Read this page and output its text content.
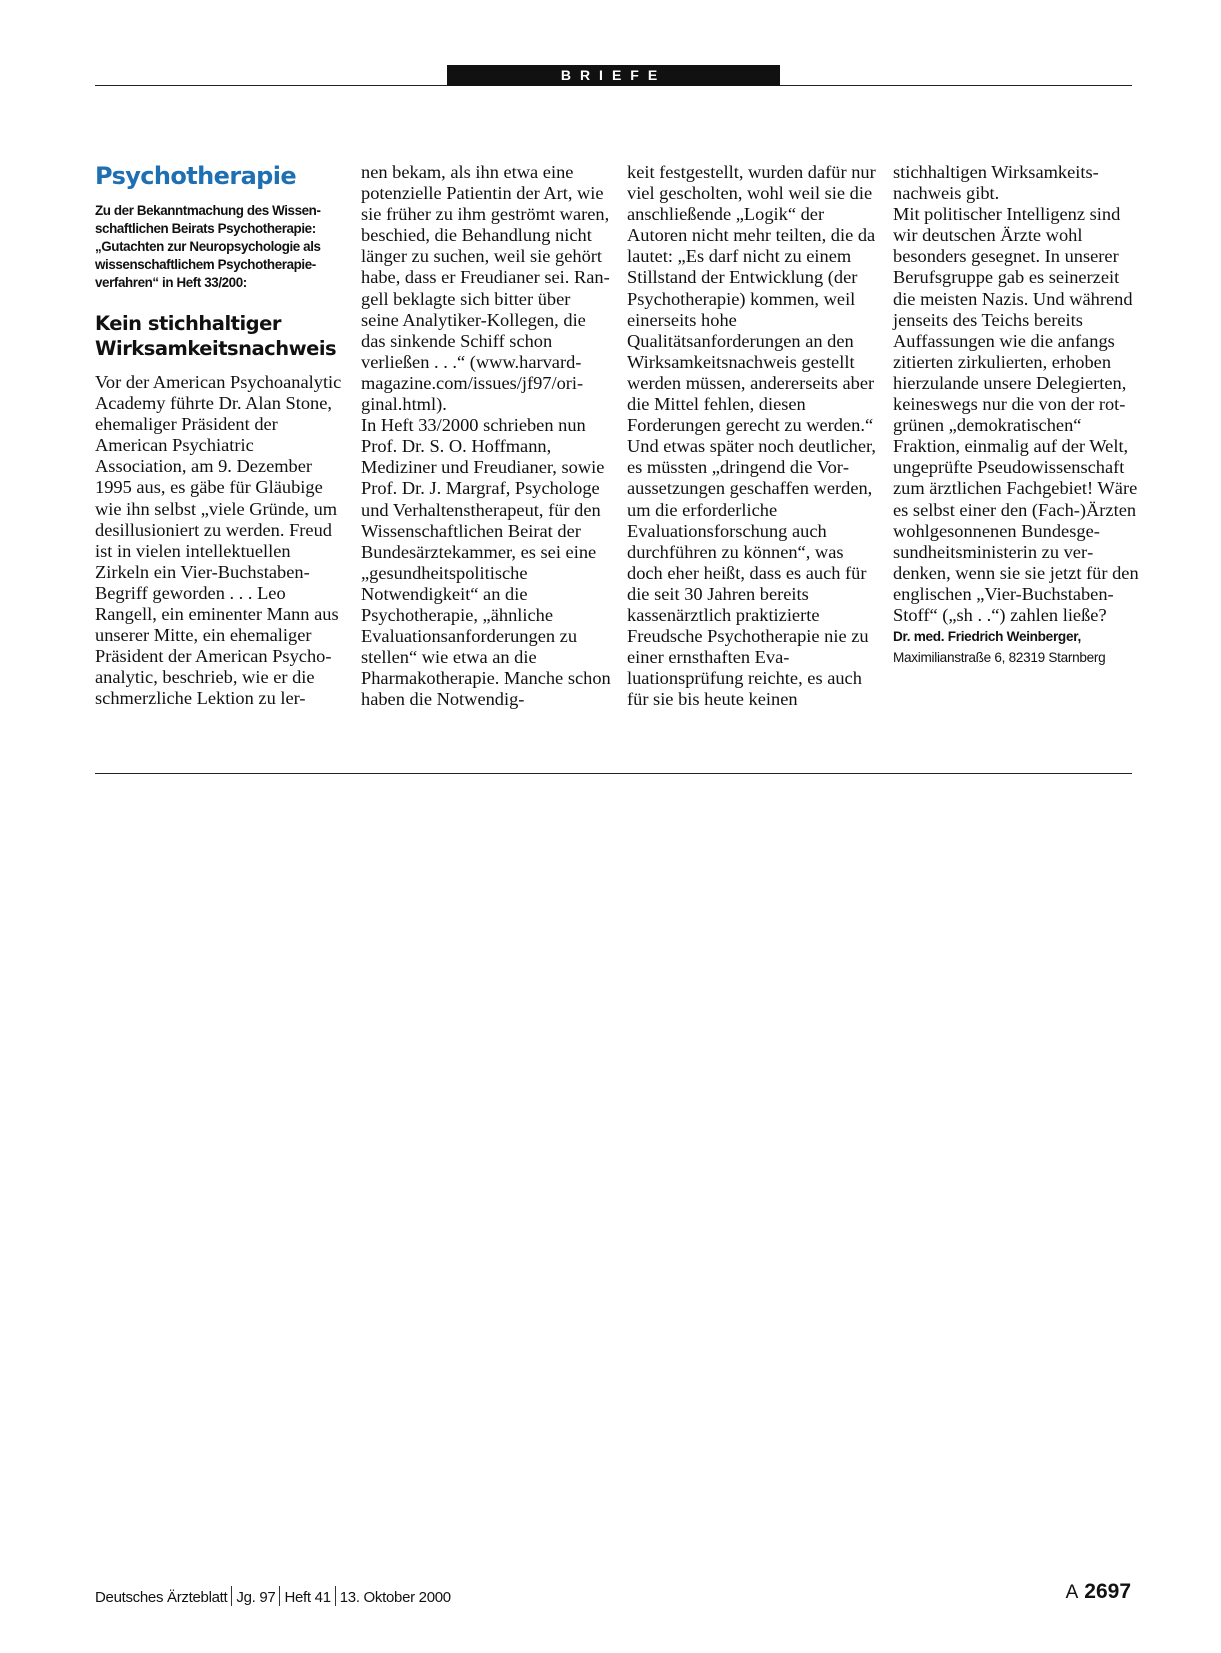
BRIEFE
Psychotherapie
Zu der Bekanntmachung des Wissenschaftlichen Beirats Psychotherapie: „Gutachten zur Neuropsychologie als wissenschaftlichem Psychotherapieverfahren“ in Heft 33/200:
Kein stichhaltiger Wirksamkeitsnachweis

Vor der American Psychoanalytic Academy führte Dr. Alan Stone, ehemaliger Präsident der American Psychiatric Association, am 9. Dezember 1995 aus, es gäbe für Gläubige wie ihn selbst „viele Gründe, um desillusioniert zu werden. Freud ist in vielen intellektuellen Zirkeln ein Vier-Buchstaben-Begriff geworden . . . Leo Rangell, ein eminenter Mann aus unserer Mitte, ein ehemaliger Präsident der American Psychoanalytic, beschrieb, wie er die schmerzliche Lektion zu ler-

nen bekam, als ihn etwa eine potenzielle Patientin der Art, wie sie früher zu ihm geströmt waren, beschied, die Behandlung nicht länger zu suchen, weil sie gehört habe, dass er Freudianer sei. Rangell beklagte sich bitter über seine Analytiker-Kollegen, die das sinkende Schiff schon verließen . . .“ (www.harvard-magazine.com/issues/jf97/original.html).

In Heft 33/2000 schrieben nun Prof. Dr. S. O. Hoffmann, Mediziner und Freudianer, sowie Prof. Dr. J. Margraf, Psychologe und Verhaltenstherapeut, für den Wissenschaftlichen Beirat der Bundesärztekammer, es sei eine „gesundheitspolitische Notwendigkeit“ an die Psychotherapie, „ähnliche Evaluationsanforderungen zu stellen“ wie etwa an die Pharmakotherapie. Manche schon haben die Notwendig-

keit festgestellt, wurden dafür nur viel gescholten, wohl weil sie die anschließende „Logik“ der Autoren nicht mehr teilten, die da lautet: „Es darf nicht zu einem Stillstand der Entwicklung (der Psychotherapie) kommen, weil einerseits hohe Qualitätsanforderungen an den Wirksamkeitsnachweis gestellt werden müssen, andererseits aber die Mittel fehlen, diesen Forderungen gerecht zu werden.“ Und etwas später noch deutlicher, es müssten „dringend die Voraussetzungen geschaffen werden, um die erforderliche Evaluationsforschung auch durchführen zu können“, was doch eher heißt, dass es auch für die seit 30 Jahren bereits kassenärztlich praktizierte Freudsche Psychotherapie nie zu einer ernsthaften Evaluationsprüfung reichte, es auch für sie bis heute keinen

stichhaltigen Wirksamkeitsnachweis gibt.

Mit politischer Intelligenz sind wir deutschen Ärzte wohl besonders gesegnet. In unserer Berufsgruppe gab es seinerzeit die meisten Nazis. Und während jenseits des Teichs bereits Auffassungen wie die anfangs zitierten zirkulierten, erhoben hierzulande unsere Delegierten, keineswegs nur die von der rotgrünen „demokratischen“ Fraktion, einmalig auf der Welt, ungeprüfte Pseudowissenschaft zum ärztlichen Fachgebiet! Wäre es selbst einer den (Fach-)Ärzten wohlgesonnenen Bundesgesundheitsministerin zu verdenken, wenn sie sie jetzt für den englischen „Vier-Buchstaben-Stoff“ („sh . .“) zahlen ließe?

Dr. med. Friedrich Weinberger,
Maximilianstraße 6, 82319 Starnberg
Deutsches Ärzteblatt Jg. 97 Heft 41 13. Oktober 2000	A 2697
